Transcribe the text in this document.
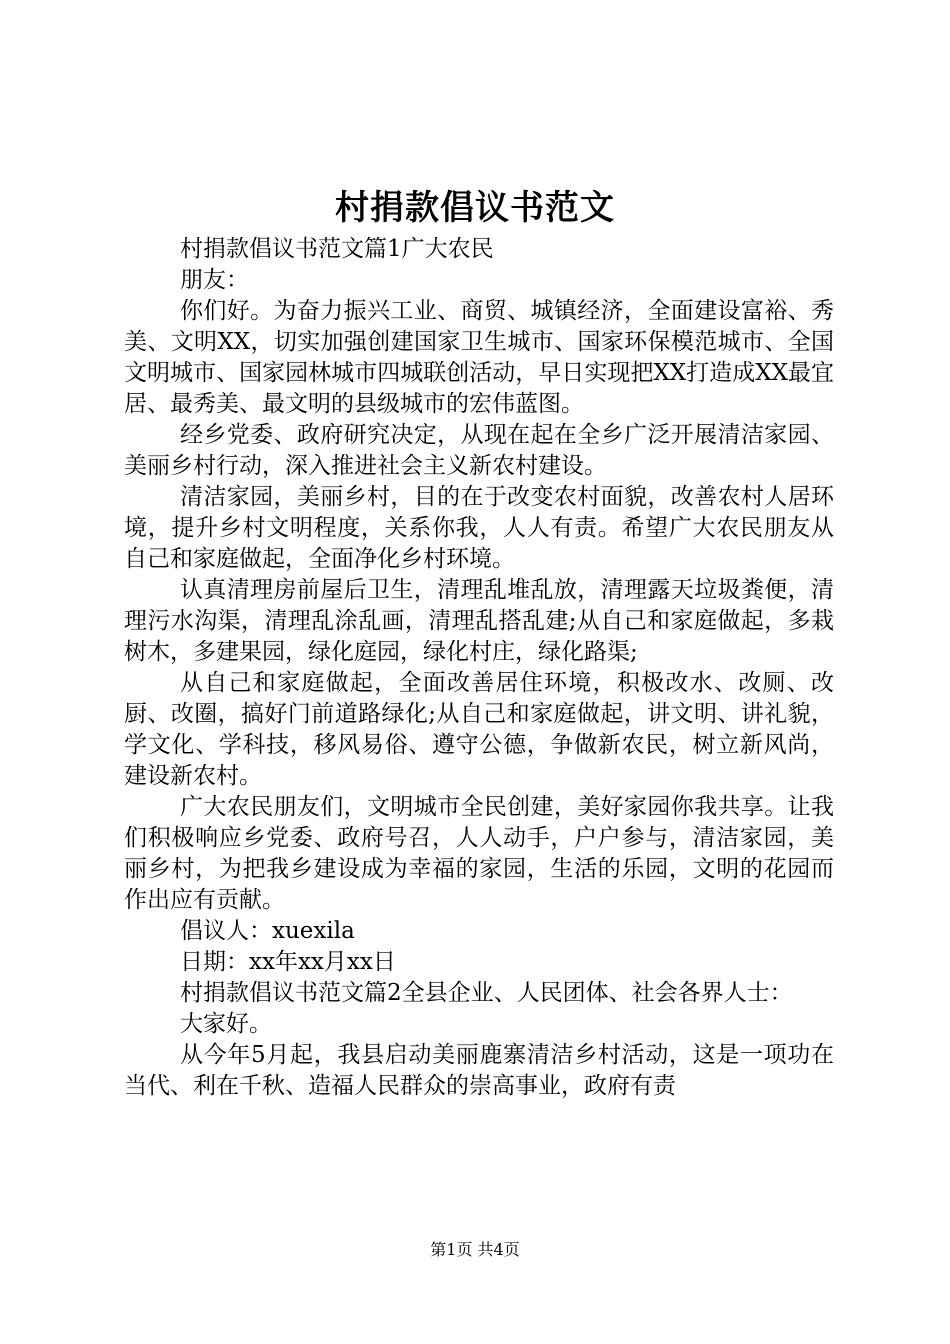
村捐款倡议书范文

村捐款倡议书范文篇1广大农民

朋友：

你们好。为奋力振兴工业、商贸、城镇经济，全面建设富裕、秀美、文明XX，切实加强创建国家卫生城市、国家环保模范城市、全国文明城市、国家园林城市四城联创活动，早日实现把XX打造成XX最宜居、最秀美、最文明的县级城市的宏伟蓝图。

经乡党委、政府研究决定，从现在起在全乡广泛开展清洁家园、美丽乡村行动，深入推进社会主义新农村建设。

清洁家园，美丽乡村，目的在于改变农村面貌，改善农村人居环境，提升乡村文明程度，关系你我，人人有责。希望广大农民朋友从自己和家庭做起，全面净化乡村环境。

认真清理房前屋后卫生，清理乱堆乱放，清理露天垃圾粪便，清理污水沟渠，清理乱涂乱画，清理乱搭乱建;从自己和家庭做起，多栽树木，多建果园，绿化庭园，绿化村庄，绿化路渠;

从自己和家庭做起，全面改善居住环境，积极改水、改厕、改厨、改圈，搞好门前道路绿化;从自己和家庭做起，讲文明、讲礼貌，学文化、学科技，移风易俗、遵守公德，争做新农民，树立新风尚，建设新农村。

广大农民朋友们，文明城市全民创建，美好家园你我共享。让我们积极响应乡党委、政府号召，人人动手，户户参与，清洁家园，美丽乡村，为把我乡建设成为幸福的家园，生活的乐园，文明的花园而作出应有贡献。

倡议人：xuexila

日期：xx年xx月xx日

村捐款倡议书范文篇2全县企业、人民团体、社会各界人士：

大家好。

从今年5月起，我县启动美丽鹿寨清洁乡村活动，这是一项功在当代、利在千秋、造福人民群众的崇高事业，政府有责

第1页 共4页
